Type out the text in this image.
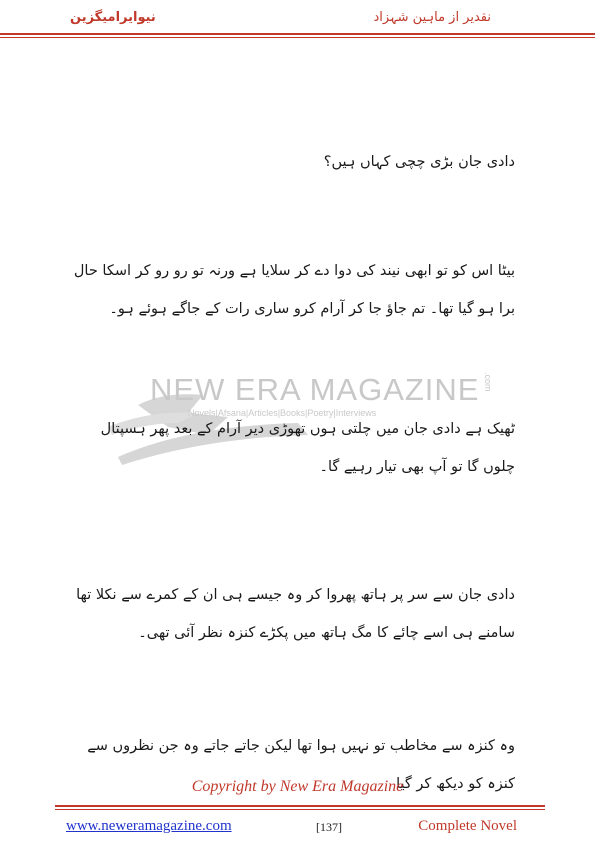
نیوایرامیگزین	نقدیر از ماہین شہزاد
NEW ERA MAGAZINE
Novels|Afsana|Articles|Books|Poetry|Interviews
.com
دادی جان بڑی چچی کہاں ہیں؟
بیٹا اس کو تو ابھی نیند کی دوا دے کر سلایا ہے ورنہ تو رو رو کر اسکا حال برا ہو گیا تھا۔ تم جاؤ جا کر آرام کرو ساری رات کے جاگے ہوئے ہو۔
ٹھیک ہے دادی جان میں چلتی ہوں تھوڑی دیر آرام کے بعد پھر ہسپتال چلوں گا تو آپ بھی تیار رہیے گا۔
دادی جان سے سر پر ہاتھ پھروا کر وہ جیسے ہی ان کے کمرے سے نکلا تھا سامنے ہی اسے چائے کا مگ ہاتھ میں پکڑے کنزہ نظر آئی تھی۔
وہ کنزہ سے مخاطب تو نہیں ہوا تھا لیکن جاتے جاتے وہ جن نظروں سے کنزہ کو دیکھ کر گیا
Copyright by New Era Magazine
www.neweramagazine.com	[137]	Complete Novel
